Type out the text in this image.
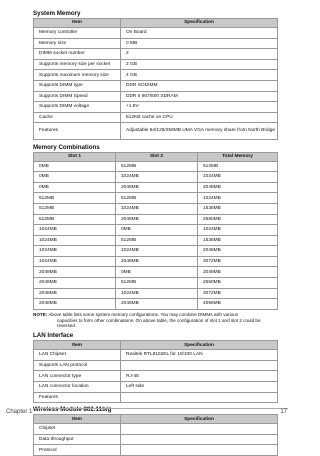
System Memory
Item	Specification
Memory controller	On Board
Memory size	0 MB
DIMM socket number	2
Supports memory size per socket	2 GB
Supports maximum memory size	4 GB
Supports DIMM type	DDR SODIMM
Supports DIMM Speed	DDR II 667/800 SDRAM
Supports DIMM voltage	+1.8V
Cache	512KB cache on CPU
Features	Adjustable 64/128/256MB UMA VGA memory share from North Bridge
Memory Combinations
Slot 1	Slot 2	Total Memory
0MB	512MB	512MB
0MB	1024MB	1024MB
0MB	2048MB	2048MB
512MB	512MB	1024MB
512MB	1024MB	1536MB
512MB	2048MB	2560MB
1024MB	0MB	1024MB
1024MB	512MB	1536MB
1024MB	1024MB	2048MB
1024MB	2048MB	3072MB
2048MB	0MB	2048MB
2048MB	512MB	2560MB
2048MB	1024MB	3072MB
2048MB	2048MB	4096MB
NOTE: Above table lists some system memory configurations. You may combine DIMMs with various
capacities to form other combinations. On above table, the configuration of slot 1 and slot 2 could be
reversed.
LAN Interface
Item	Specification
LAN Chipset	Realtek RTL8102EL for 10/100 LAN
Supports LAN protocol	
LAN connector type	RJ-45
LAN connector location	Left side
Features	
Wireless Module 802.11b/g
Item	Specification
Chipset	
Data throughput	
Protocol	
Chapter 1	17
